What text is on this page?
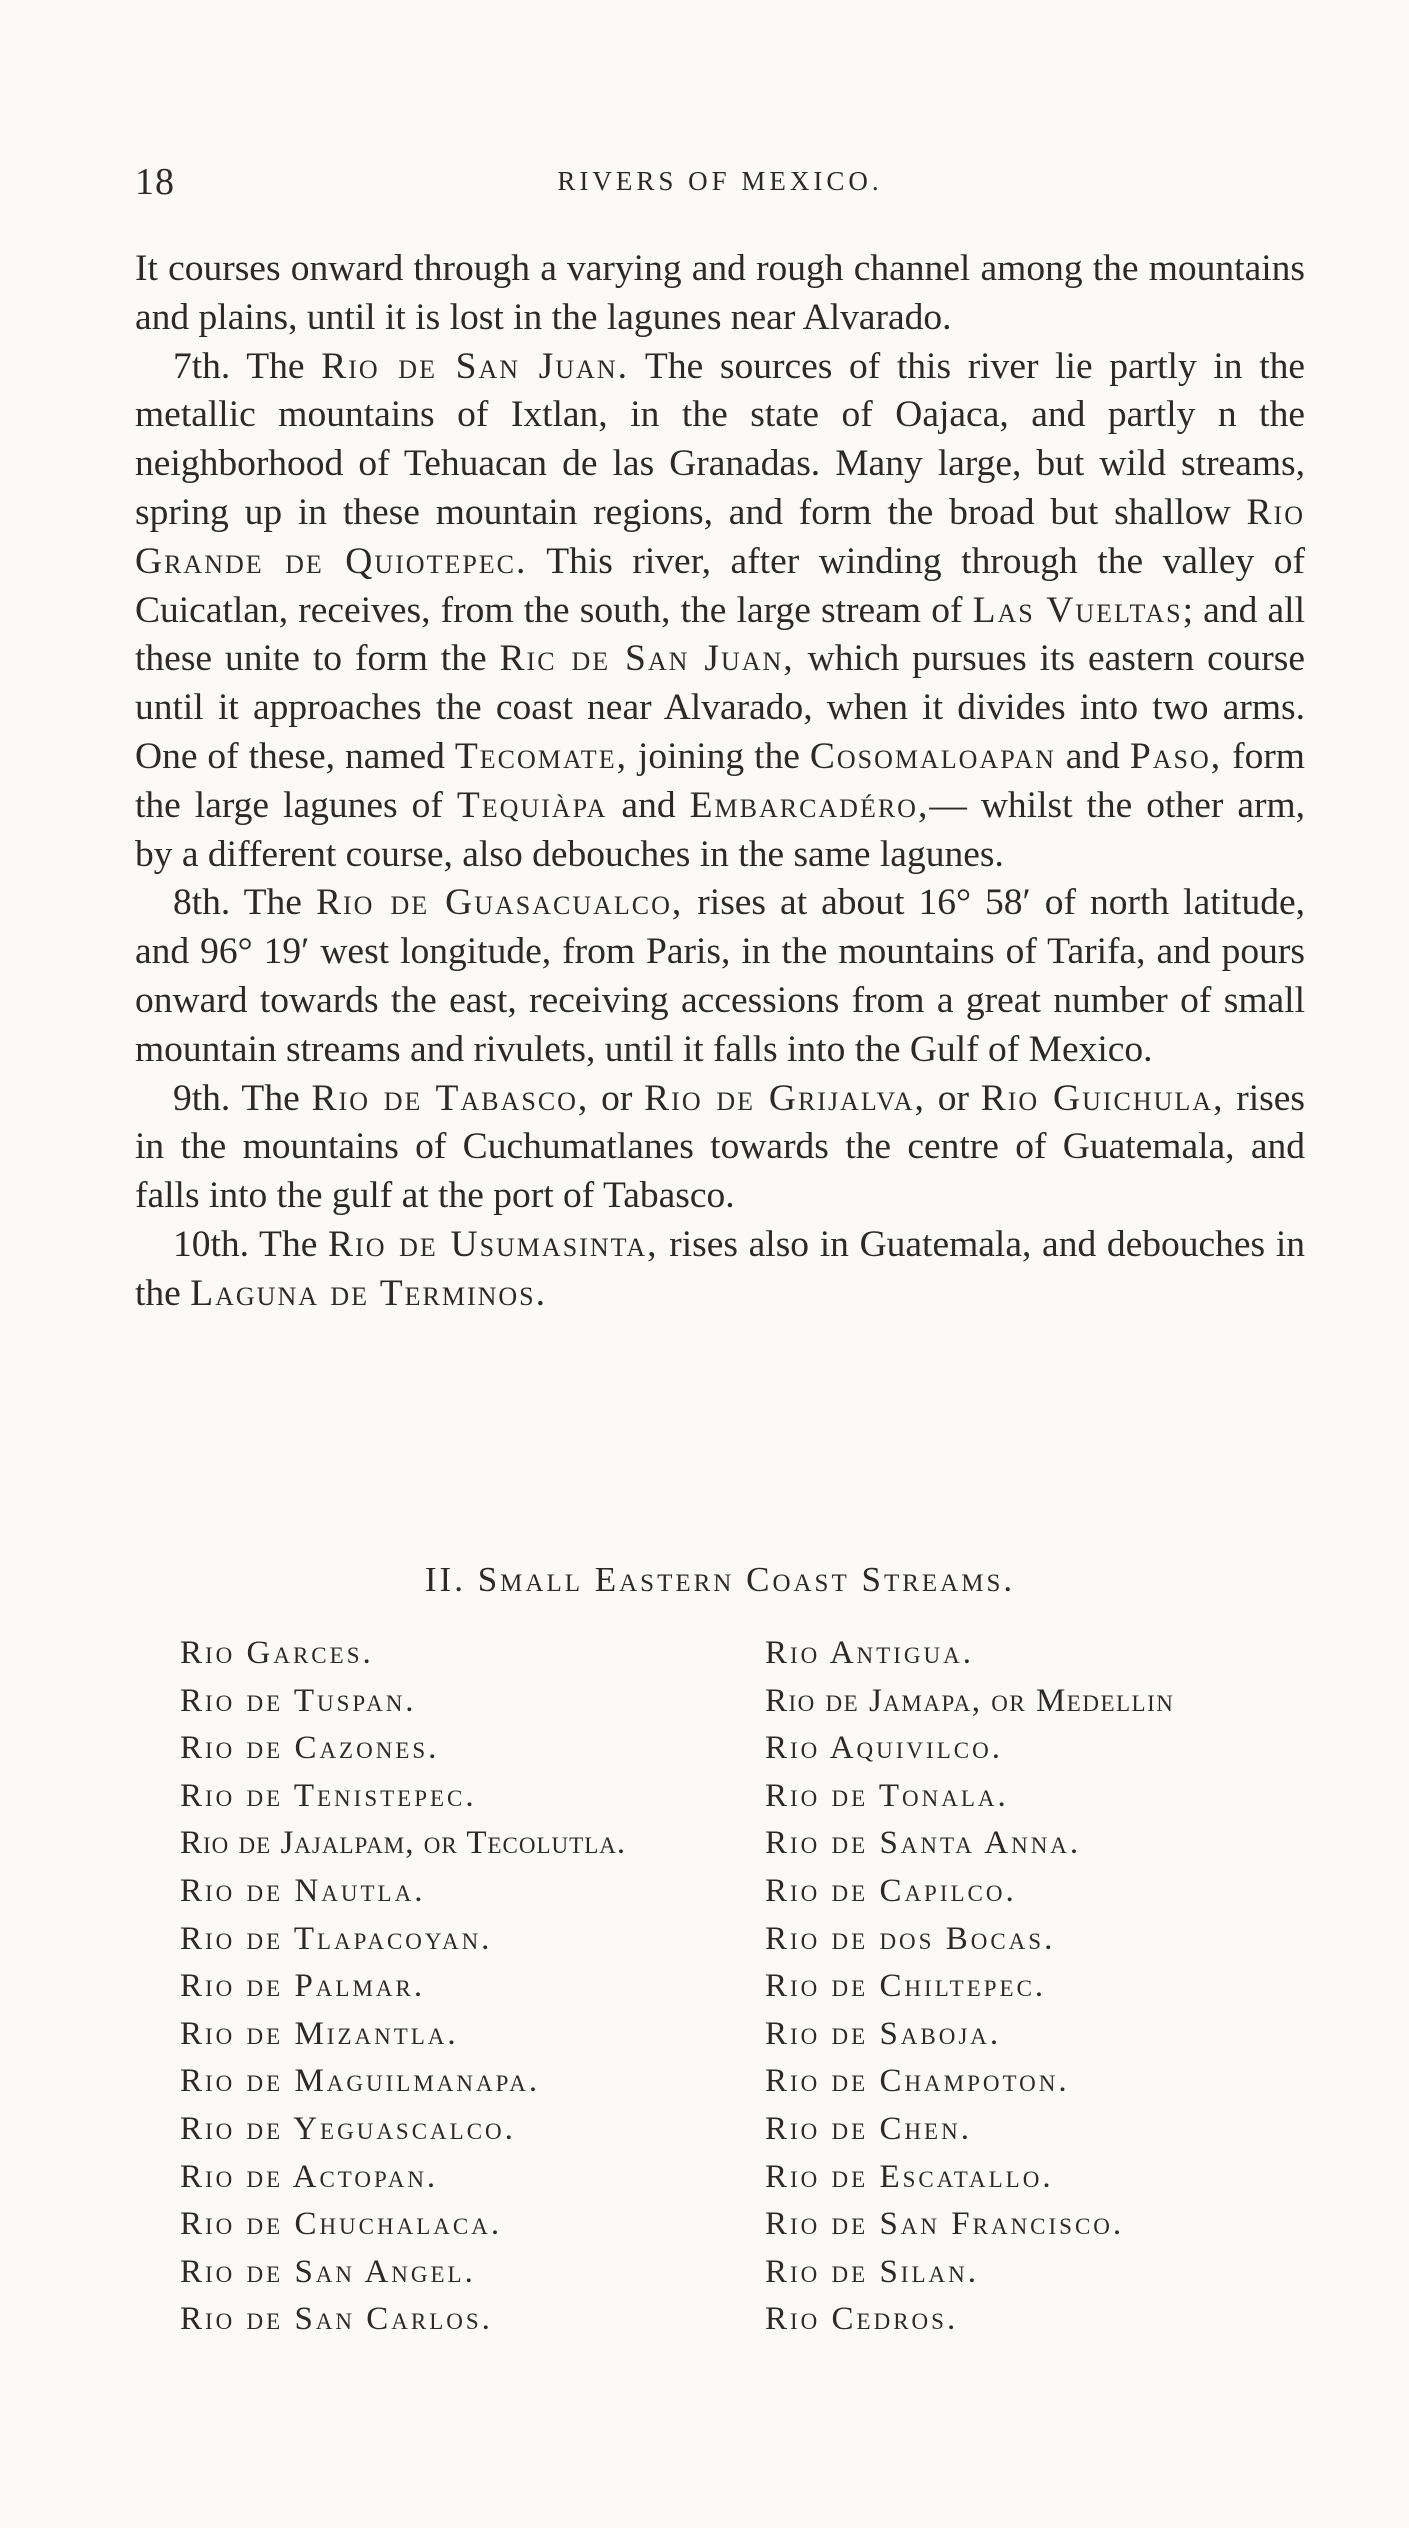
18	RIVERS OF MEXICO.

It courses onward through a varying and rough channel among the mountains and plains, until it is lost in the lagunes near Alvarado.

7th. The Rio de San Juan. The sources of this river lie partly in the metallic mountains of Ixtlan, in the state of Oajaca, and partly n the neighborhood of Tehuacan de las Granadas. Many large, but wild streams, spring up in these mountain regions, and form the broad but shallow Rio Grande de Quiotepec. This river, after winding through the valley of Cuicatlan, receives, from the south, the large stream of Las Vueltas; and all these unite to form the Ric de San Juan, which pursues its eastern course until it approaches the coast near Alvarado, when it divides into two arms. One of these, named Tecomate, joining the Cosomaloapan and Paso, form the large lagunes of Tequiàpa and Embarcadéro,— whilst the other arm, by a different course, also debouches in the same lagunes.

8th. The Rio de Guasacualco, rises at about 16° 58′ of north latitude, and 96° 19′ west longitude, from Paris, in the mountains of Tarifa, and pours onward towards the east, receiving accessions from a great number of small mountain streams and rivulets, until it falls into the Gulf of Mexico.

9th. The Rio de Tabasco, or Rio de Grijalva, or Rio Guichula, rises in the mountains of Cuchumatlanes towards the centre of Guatemala, and falls into the gulf at the port of Tabasco.

10th. The Rio de Usumasinta, rises also in Guatemala, and debouches in the Laguna de Terminos.

II. Small Eastern Coast Streams.
Rio Garces.
Rio de Tuspan.
Rio de Cazones.
Rio de Tenistepec.
Rio de Jajalpam, or Tecolutla.
Rio de Nautla.
Rio de Tlapacoyan.
Rio de Palmar.
Rio de Mizantla.
Rio de Maguilmanapa.
Rio de Yeguascalco.
Rio de Actopan.
Rio de Chuchalaca.
Rio de San Angel.
Rio de San Carlos.
Rio Antigua.
Rio de Jamapa, or Medellin
Rio Aquivilco.
Rio de Tonala.
Rio de Santa Anna.
Rio de Capilco.
Rio de dos Bocas.
Rio de Chiltepec.
Rio de Saboja.
Rio de Champoton.
Rio de Chen.
Rio de Escatallo.
Rio de San Francisco.
Rio de Silan.
Rio Cedros.
